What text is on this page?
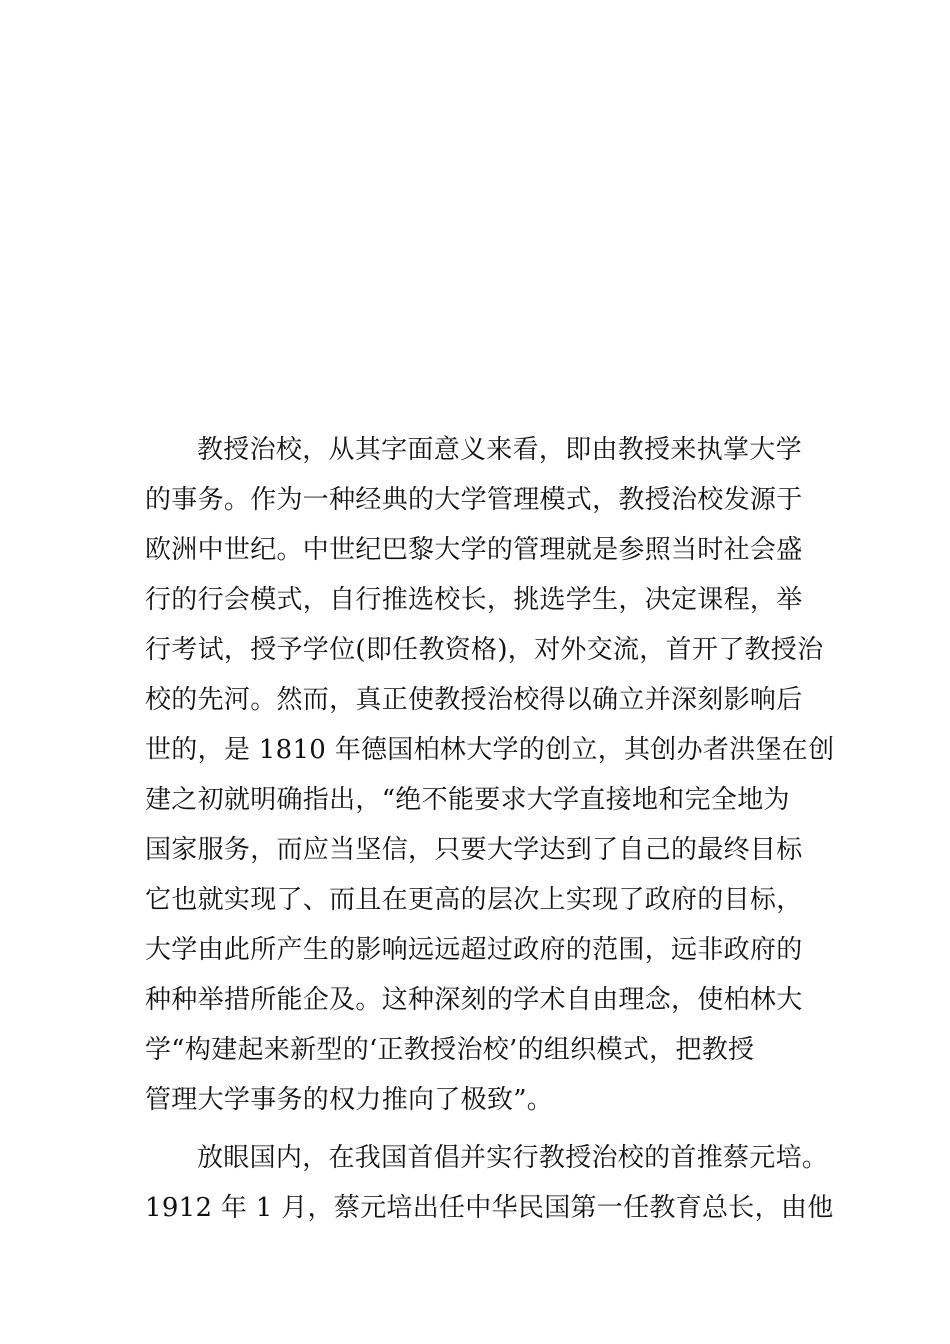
教授治校，从其字面意义来看，即由教授来执掌大学
的事务。作为一种经典的大学管理模式，教授治校发源于
欧洲中世纪。中世纪巴黎大学的管理就是参照当时社会盛
行的行会模式，自行推选校长，挑选学生，决定课程，举
行考试，授予学位(即任教资格)，对外交流，首开了教授治
校的先河。然而，真正使教授治校得以确立并深刻影响后
世的，是 1810 年德国柏林大学的创立，其创办者洪堡在创
建之初就明确指出，“绝不能要求大学直接地和完全地为
国家服务，而应当坚信，只要大学达到了自己的最终目标
它也就实现了、而且在更高的层次上实现了政府的目标，
大学由此所产生的影响远远超过政府的范围，远非政府的
种种举措所能企及。这种深刻的学术自由理念，使柏林大
学“构建起来新型的‘正教授治校’的组织模式，把教授
管理大学事务的权力推向了极致”。
放眼国内，在我国首倡并实行教授治校的首推蔡元培。
1912 年 1 月，蔡元培出任中华民国第一任教育总长，由他
